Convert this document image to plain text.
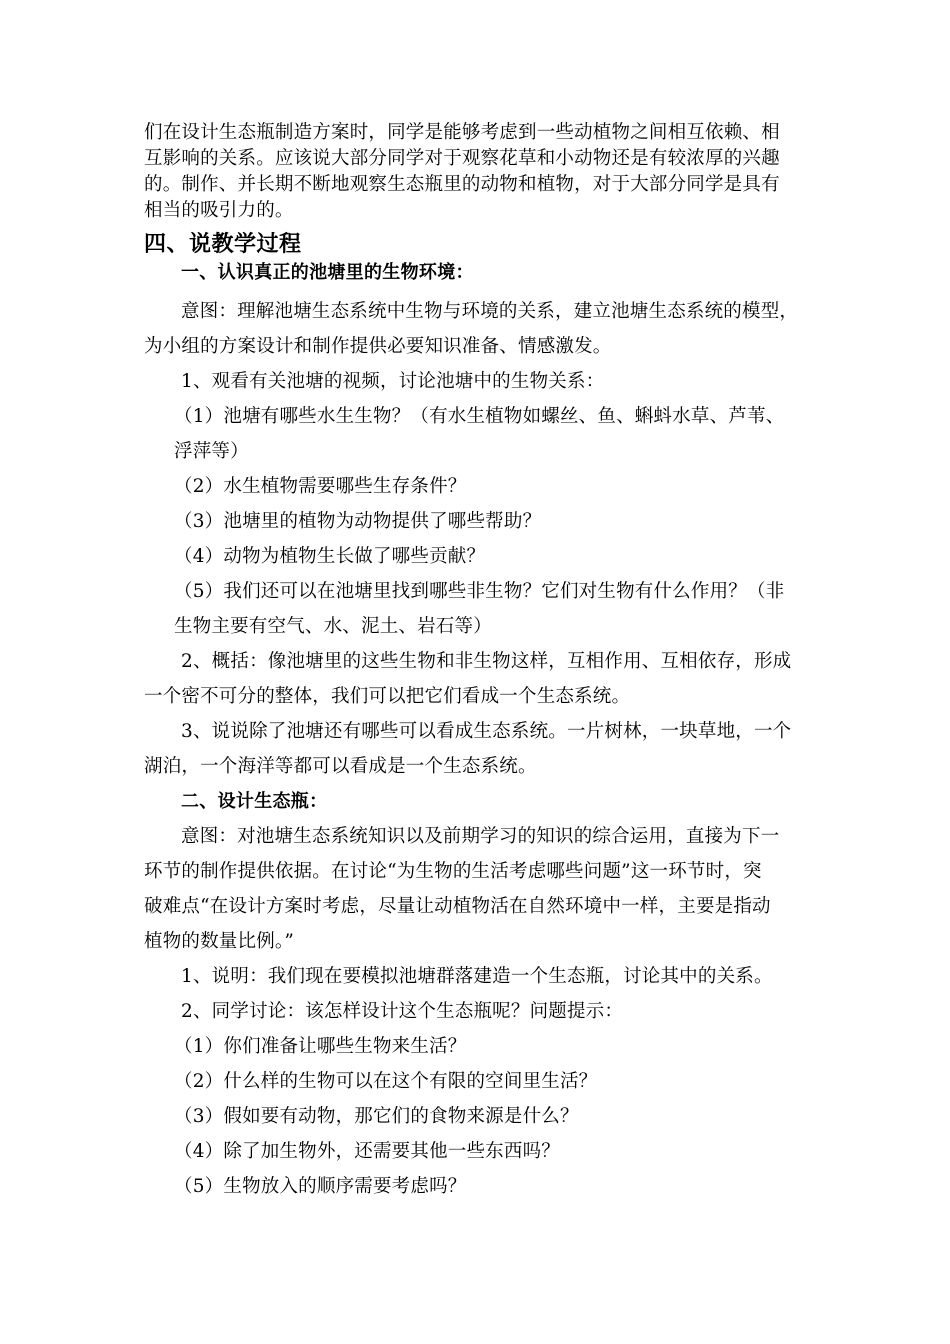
们在设计生态瓶制造方案时，同学是能够考虑到一些动植物之间相互依赖、相

互影响的关系。应该说大部分同学对于观察花草和小动物还是有较浓厚的兴趣

的。制作、并长期不断地观察生态瓶里的动物和植物，对于大部分同学是具有

相当的吸引力的。

四、说教学过程
一、认识真正的池塘里的生物环境：

意图：理解池塘生态系统中生物与环境的关系，建立池塘生态系统的模型，

为小组的方案设计和制作提供必要知识准备、情感激发。

1、观看有关池塘的视频，讨论池塘中的生物关系：

（1）池塘有哪些水生生物？（有水生植物如螺丝、鱼、蝌蚪水草、芦苇、

浮萍等）

（2）水生植物需要哪些生存条件？

（3）池塘里的植物为动物提供了哪些帮助？

（4）动物为植物生长做了哪些贡献？

（5）我们还可以在池塘里找到哪些非生物？它们对生物有什么作用？（非

生物主要有空气、水、泥土、岩石等）

2、概括：像池塘里的这些生物和非生物这样，互相作用、互相依存，形成

一个密不可分的整体，我们可以把它们看成一个生态系统。

3、说说除了池塘还有哪些可以看成生态系统。一片树林，一块草地，一个

湖泊，一个海洋等都可以看成是一个生态系统。

二、设计生态瓶：

意图：对池塘生态系统知识以及前期学习的知识的综合运用，直接为下一

环节的制作提供依据。在讨论“为生物的生活考虑哪些问题”这一环节时，突

破难点“在设计方案时考虑，尽量让动植物活在自然环境中一样，主要是指动

植物的数量比例。”

1、说明：我们现在要模拟池塘群落建造一个生态瓶，讨论其中的关系。

2、同学讨论：该怎样设计这个生态瓶呢？问题提示：

（1）你们准备让哪些生物来生活？

（2）什么样的生物可以在这个有限的空间里生活？

（3）假如要有动物，那它们的食物来源是什么？

（4）除了加生物外，还需要其他一些东西吗？

（5）生物放入的顺序需要考虑吗？
